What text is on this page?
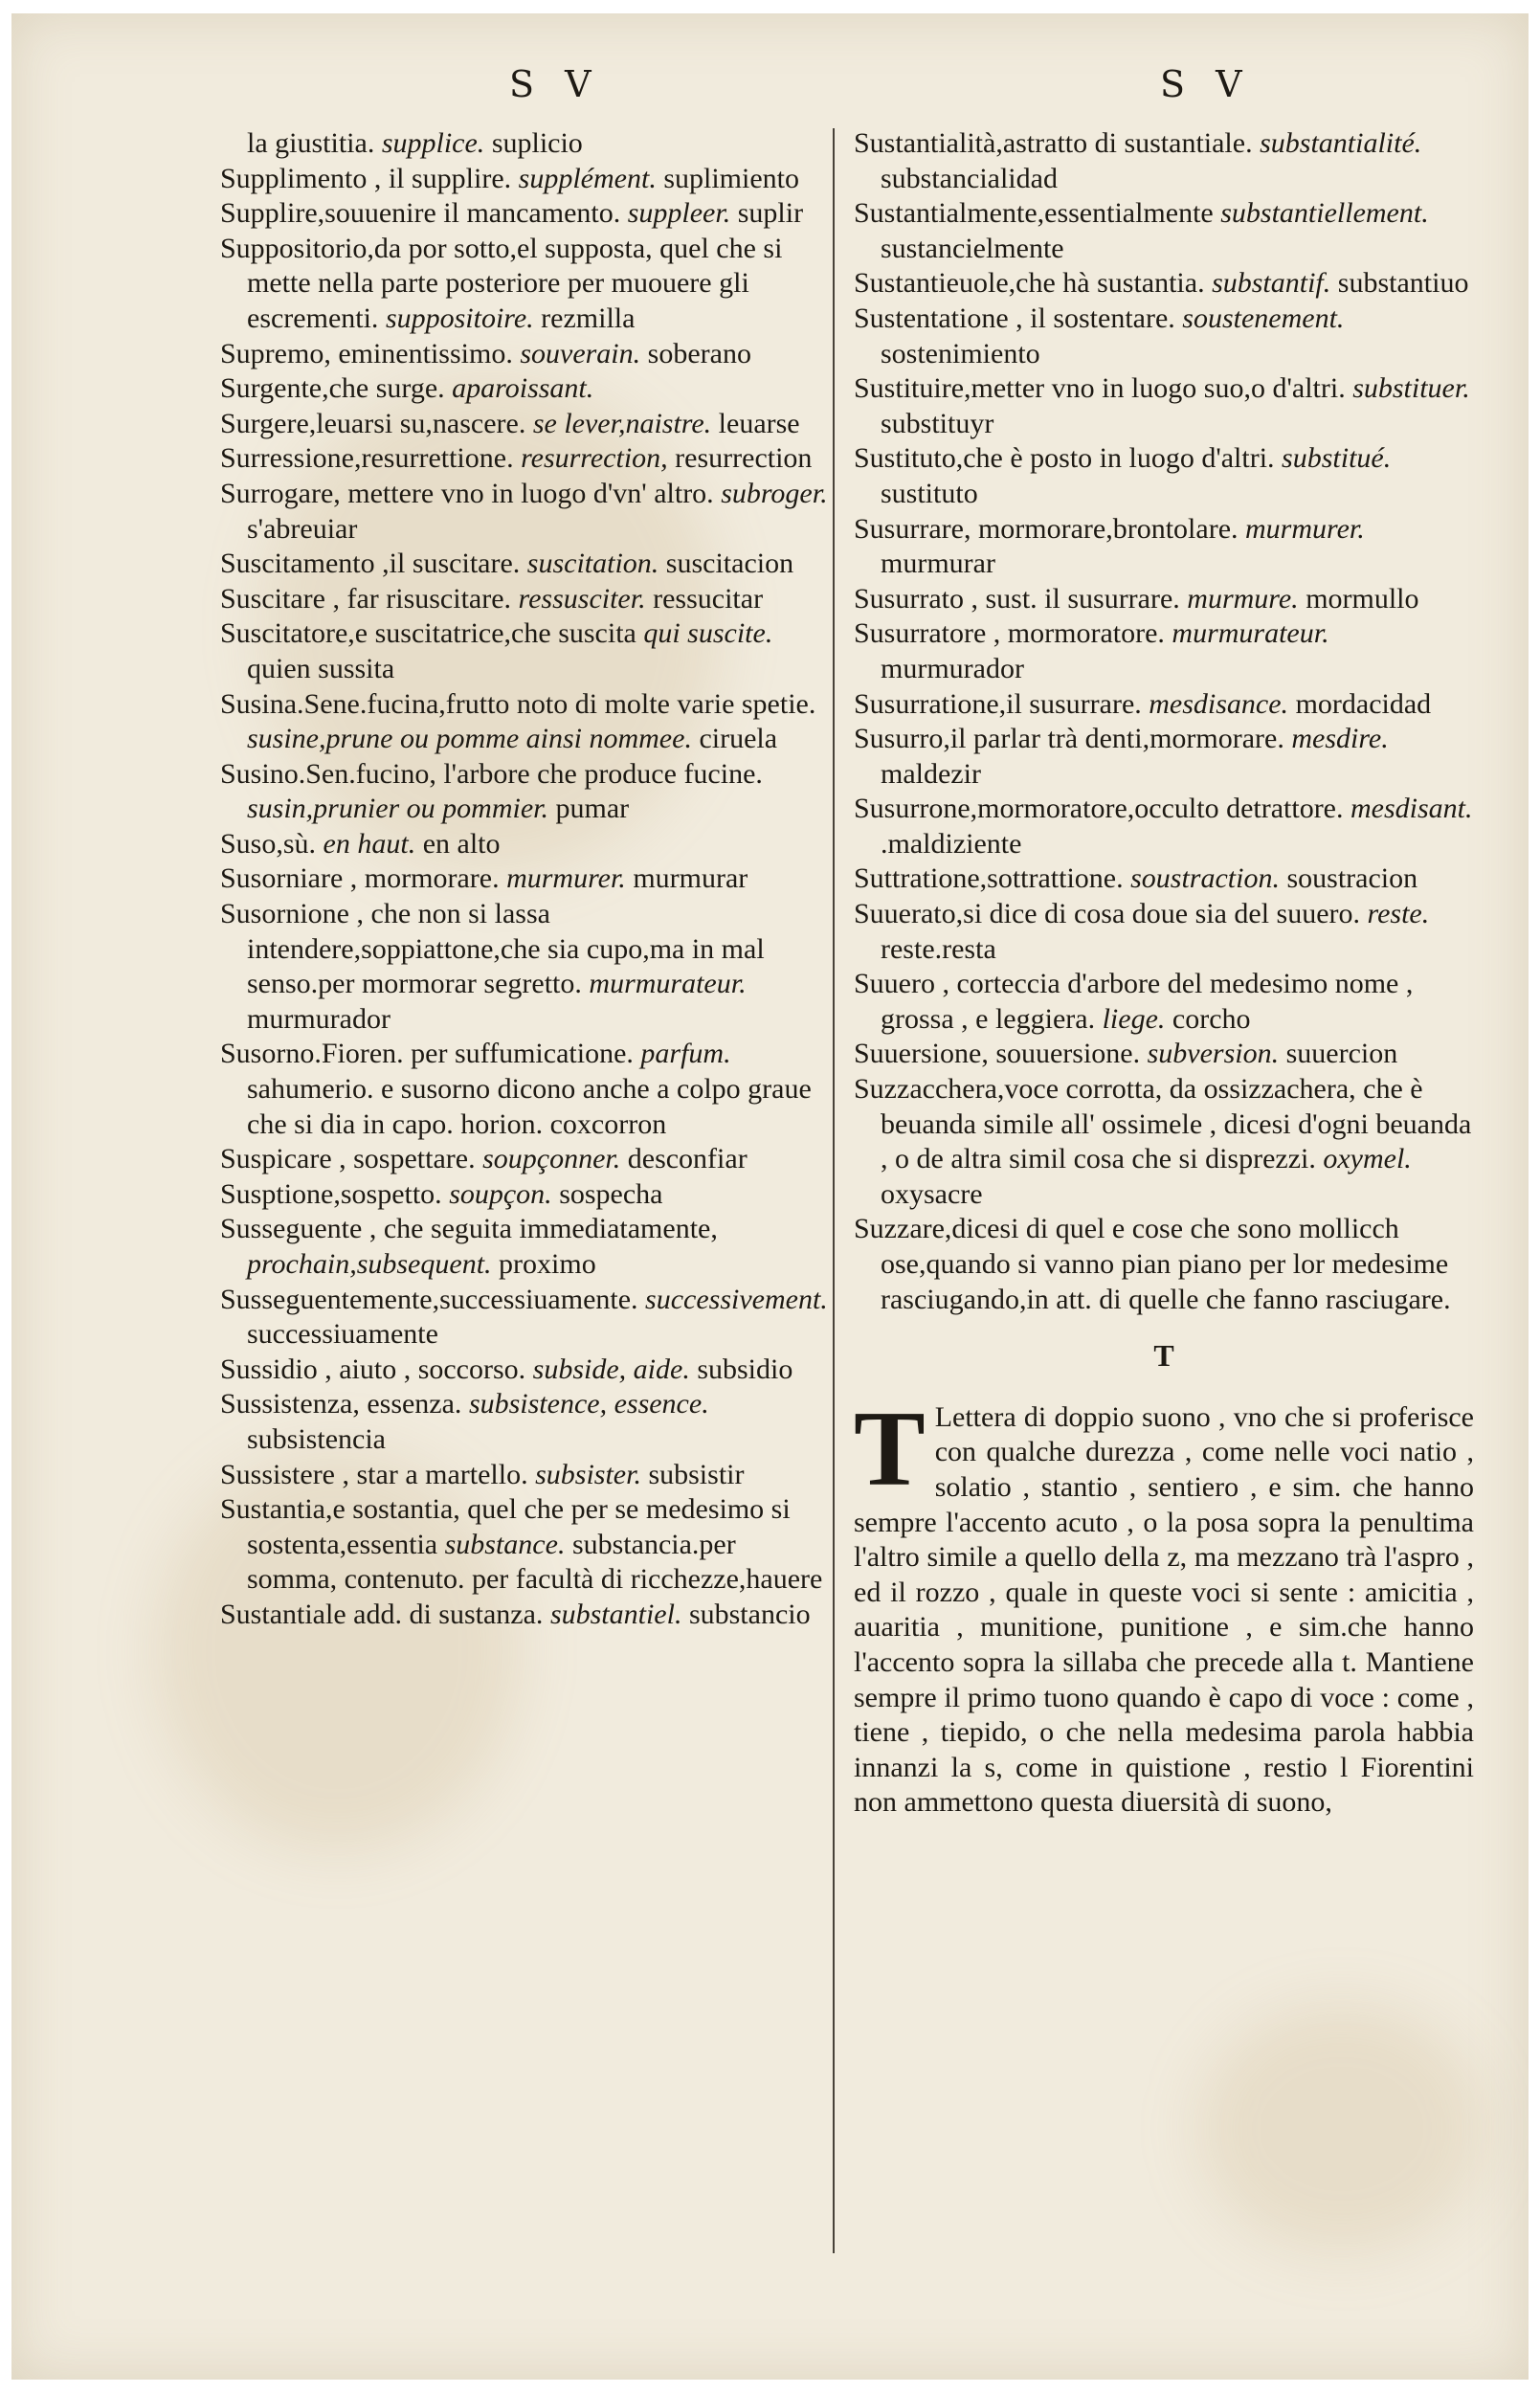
S V	S V

la giustitia. supplice. suplicio

Supplimento , il supplire. supplément. suplimiento

Supplire,souuenire il mancamento. suppleer. suplir

Suppositorio,da por sotto,el supposta, quel che si mette nella parte posteriore per muouere gli escrementi. suppositoire. rezmilla

Supremo, eminentissimo. souverain. soberano

Surgente,che surge. aparoissant.

Surgere,leuarsi su,nascere. se lever,naistre. leuarse

Surressione,resurrettione. resurrection, resurrection

Surrogare, mettere vno in luogo d'vn' altro. subroger. s'abreuiar

Suscitamento ,il suscitare. suscitation. suscitacion

Suscitare , far risuscitare. ressusciter. ressucitar

Suscitatore,e suscitatrice,che suscita qui suscite. quien sussita

Susina.Sene.fucina,frutto noto di molte varie spetie. susine,prune ou pomme ainsi nommee. ciruela

Susino.Sen.fucino, l'arbore che produce fucine. susin,prunier ou pommier. pumar

Suso,sù. en haut. en alto

Susorniare , mormorare. murmurer. murmurar

Susornione , che non si lassa intendere,soppiattone,che sia cupo,ma in mal senso.per mormorar segretto. murmurateur. murmurador

Susorno.Fioren. per suffumicatione. parfum. sahumerio. e susorno dicono anche a colpo graue che si dia in capo. horion. coxcorron

Suspicare , sospettare. soupçonner. desconfiar

Susptione,sospetto. soupçon. sospecha

Susseguente , che seguita immediatamente, prochain,subsequent. proximo

Susseguentemente,successiuamente. successivement. successiuamente

Sussidio , aiuto , soccorso. subside, aide. subsidio

Sussistenza, essenza. subsistence, essence. subsistencia

Sussistere , star a martello. subsister. subsistir

Sustantia,e sostantia, quel che per se medesimo si sostenta,essentia substance. substancia.per somma, contenuto. per facultà di ricchezze,hauere

Sustantiale add. di sustanza. substantiel. substancio

Sustantialità,astratto di sustantiale. substantialité. substancialidad

Sustantialmente,essentialmente substantiellement. sustancielmente

Sustantieuole,che hà sustantia. substantif. substantiuo

Sustentatione , il sostentare. soustenement. sostenimiento

Sustituire,metter vno in luogo suo,o d'altri. substituer. substituyr

Sustituto,che è posto in luogo d'altri. substitué. sustituto

Susurrare, mormorare,brontolare. murmurer. murmurar

Susurrato , sust. il susurrare. murmure. mormullo

Susurratore , mormoratore. murmurateur. murmurador

Susurratione,il susurrare. mesdisance. mordacidad

Susurro,il parlar trà denti,mormorare. mesdire. maldezir

Susurrone,mormoratore,occulto detrattore. mesdisant. .maldiziente

Suttratione,sottrattione. soustraction. soustracion

Suuerato,si dice di cosa doue sia del suuero. reste. reste.resta

Suuero , corteccia d'arbore del medesimo nome , grossa , e leggiera. liege. corcho

Suuersione, souuersione. subversion. suuercion

Suzzacchera,voce corrotta, da ossizzachera, che è beuanda simile all' ossimele , dicesi d'ogni beuanda , o de altra simil cosa che si disprezzi. oxymel. oxysacre

Suzzare,dicesi di quel e cose che sono mollicch ose,quando si vanno pian piano per lor medesime rasciugando,in att. di quelle che fanno rasciugare.

T

T Lettera di doppio suono , vno che si proferisce con qualche durezza , come nelle voci natio , solatio , stantio , sentiero , e sim. che hanno sempre l'accento acuto , o la posa sopra la penultima l'altro simile a quello della z, ma mezzano trà l'aspro , ed il rozzo , quale in queste voci si sente : amicitia , auaritia , munitione, punitione , e sim.che hanno l'accento sopra la sillaba che precede alla t. Mantiene sempre il primo tuono quando è capo di voce : come , tiene , tiepido, o che nella medesima parola habbia innanzi la s, come in quistione , restio l Fiorentini non ammettono questa diuersità di suono,
